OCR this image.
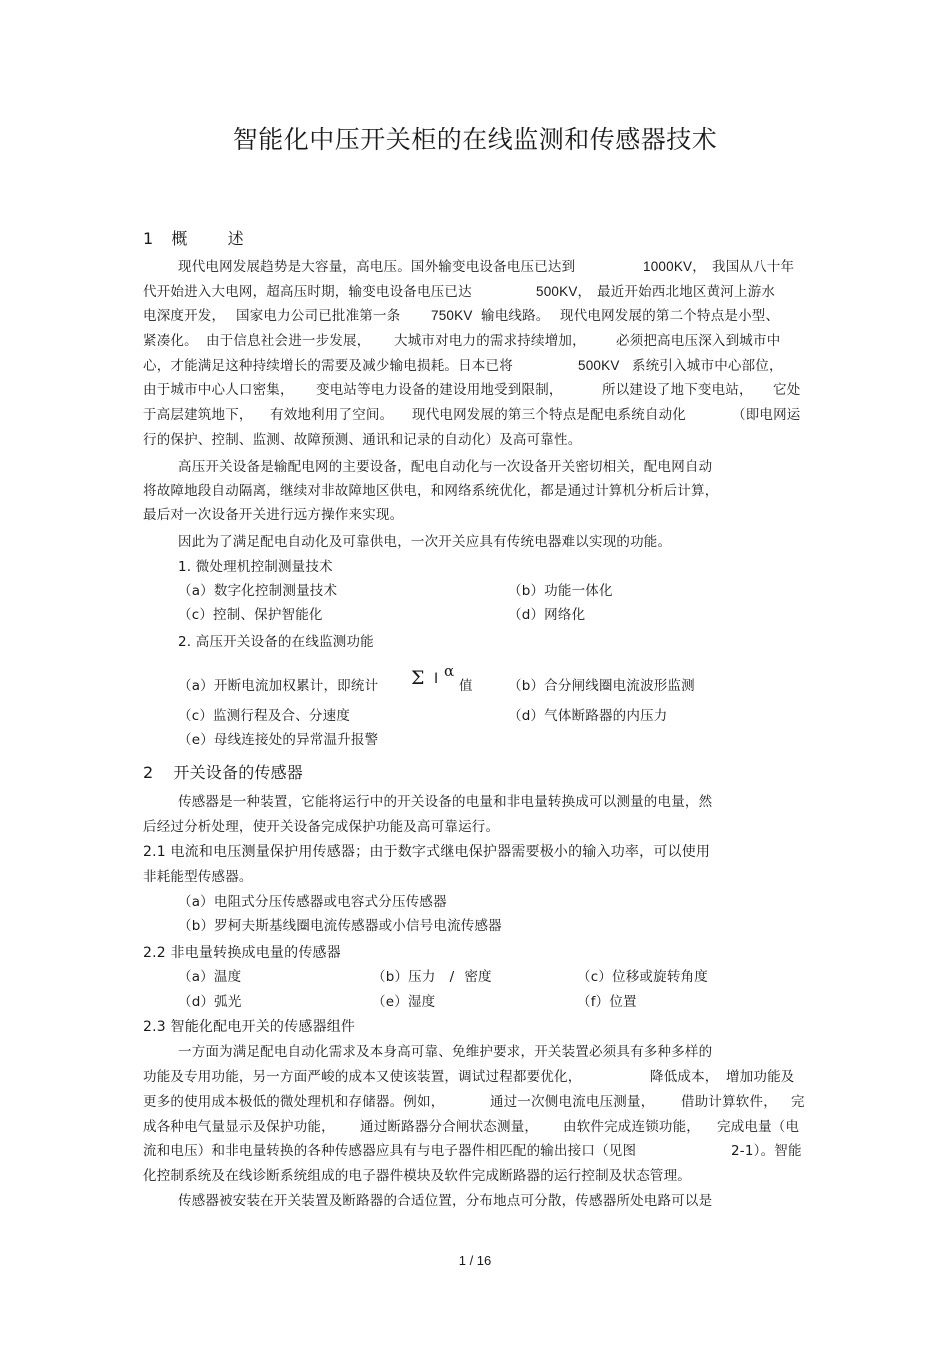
智能化中压开关柜的在线监测和传感器技术
1 概	述
现代电网发展趋势是大容量，高电压。国外输变电设备电压已达到	1000KV， 我国从八十年
代开始进入大电网，超高压时期，输变电设备电压已达	500KV， 最近开始西北地区黄河上游水
电深度开发， 国家电力公司已批准第一条 750KV 输电线路。 现代电网发展的第二个特点是小型、
紧凑化。 由于信息社会进一步发展， 大城市对电力的需求持续增加， 必须把高电压深入到城市中
心，才能满足这种持续增长的需要及减少输电损耗。日本已将	500KV 系统引入城市中心部位，
由于城市中心人口密集， 变电站等电力设备的建设用地受到限制，	所以建设了地下变电站， 它处
于高层建筑地下， 有效地利用了空间。 现代电网发展的第三个特点是配电系统自动化	（即电网运
行的保护、控制、监测、故障预测、通讯和记录的自动化）及高可靠性。
高压开关设备是输配电网的主要设备，配电自动化与一次设备开关密切相关，配电网自动
将故障地段自动隔离，继续对非故障地区供电，和网络系统优化，都是通过计算机分析后计算，
最后对一次设备开关进行远方操作来实现。
因此为了满足配电自动化及可靠供电，一次开关应具有传统电器难以实现的功能。
1. 微处理机控制测量技术
（a）数字化控制测量技术	（b）功能一体化
（c）控制、保护智能化	（d）网络化
2. 高压开关设备的在线监测功能
（a）开断电流加权累计，即统计 Σ I α
值	（b）合分闸线圈电流波形监测
（c）监测行程及合、分速度	（d）气体断路器的内压力
（e）母线连接处的异常温升报警
2 开关设备的传感器
传感器是一种装置，它能将运行中的开关设备的电量和非电量转换成可以测量的电量，然
后经过分析处理，使开关设备完成保护功能及高可靠运行。
2.1 电流和电压测量保护用传感器；由于数字式继电保护器需要极小的输入功率，可以使用
非耗能型传感器。
（a）电阻式分压传感器或电容式分压传感器
（b）罗柯夫斯基线圈电流传感器或小信号电流传感器
2.2 非电量转换成电量的传感器
（a）温度	（b）压力 / 密度	（c）位移或旋转角度
（d）弧光	（e）湿度	（f）位置
2.3 智能化配电开关的传感器组件
一方面为满足配电自动化需求及本身高可靠、免维护要求，开关装置必须具有多种多样的
功能及专用功能，另一方面严峻的成本又使该装置，调试过程都要优化，	降低成本， 增加功能及
更多的使用成本极低的微处理机和存储器。例如，	通过一次侧电流电压测量， 借助计算软件， 完
成各种电气量显示及保护功能， 通过断路器分合闸状态测量， 由软件完成连锁功能， 完成电量（电
流和电压）和非电量转换的各种传感器应具有与电子器件相匹配的输出接口（见图	2-1）。智能
化控制系统及在线诊断系统组成的电子器件模块及软件完成断路器的运行控制及状态管理。
传感器被安装在开关装置及断路器的合适位置，分布地点可分散，传感器所处电路可以是
1 / 16
